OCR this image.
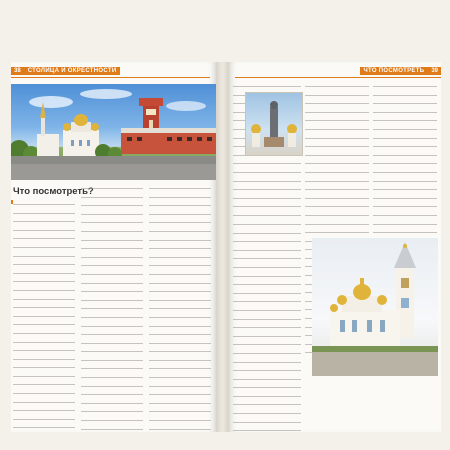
38	СТОЛИЦА И ОКРЕСТНОСТИ
Что посмотреть?
ЧТО ПОСМОТРЕТЬ	39
